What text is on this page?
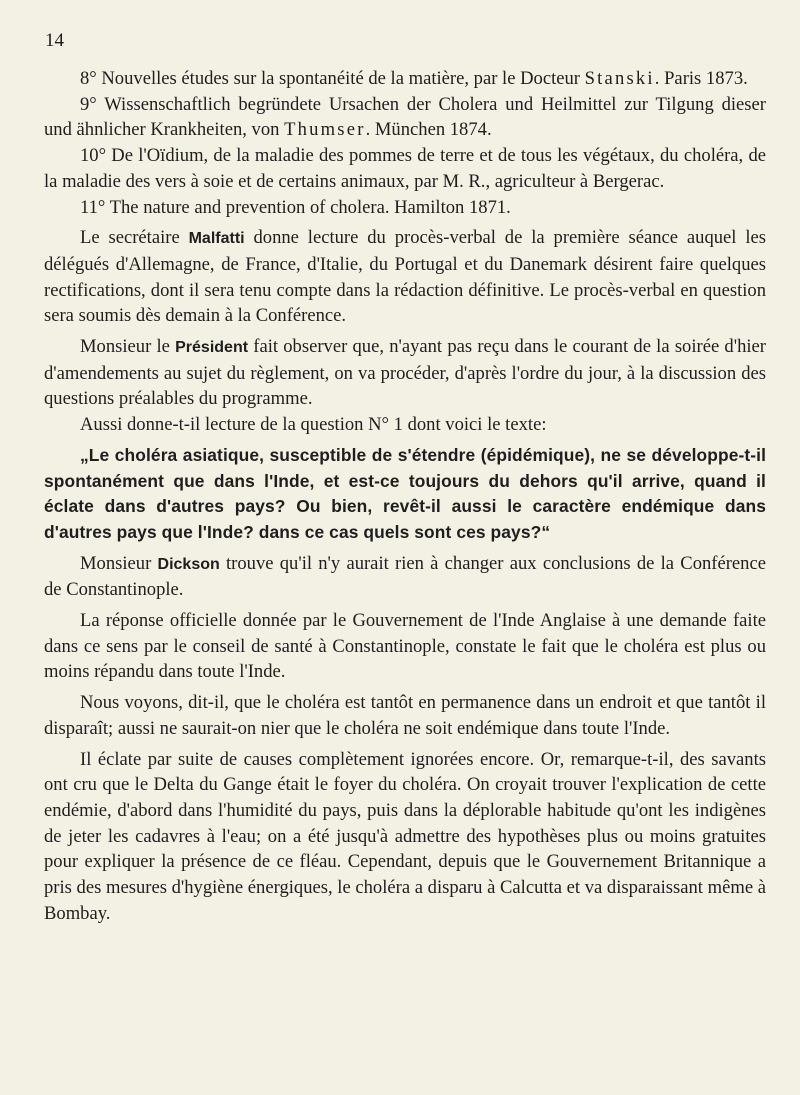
14

8° Nouvelles études sur la spontanéité de la matière, par le Docteur Stanski. Paris 1873.

9° Wissenschaftlich begründete Ursachen der Cholera und Heilmittel zur Tilgung dieser und ähnlicher Krankheiten, von Thumser. München 1874.

10° De l'Oïdium, de la maladie des pommes de terre et de tous les végétaux, du choléra, de la maladie des vers à soie et de certains animaux, par M. R., agriculteur à Bergerac.

11° The nature and prevention of cholera. Hamilton 1871.

Le secrétaire Malfatti donne lecture du procès-verbal de la première séance auquel les délégués d'Allemagne, de France, d'Italie, du Portugal et du Danemark désirent faire quelques rectifications, dont il sera tenu compte dans la rédaction définitive. Le procès-verbal en question sera soumis dès demain à la Conférence.

Monsieur le Président fait observer que, n'ayant pas reçu dans le courant de la soirée d'hier d'amendements au sujet du règlement, on va procéder, d'après l'ordre du jour, à la discussion des questions préalables du programme.

Aussi donne-t-il lecture de la question N° 1 dont voici le texte:

„Le choléra asiatique, susceptible de s'étendre (épidémique), ne se développe-t-il spontanément que dans l'Inde, et est-ce toujours du dehors qu'il arrive, quand il éclate dans d'autres pays? Ou bien, revêt-il aussi le caractère endémique dans d'autres pays que l'Inde? dans ce cas quels sont ces pays?“

Monsieur Dickson trouve qu'il n'y aurait rien à changer aux conclusions de la Conférence de Constantinople.

La réponse officielle donnée par le Gouvernement de l'Inde Anglaise à une demande faite dans ce sens par le conseil de santé à Constantinople, constate le fait que le choléra est plus ou moins répandu dans toute l'Inde.

Nous voyons, dit-il, que le choléra est tantôt en permanence dans un endroit et que tantôt il disparaît; aussi ne saurait-on nier que le choléra ne soit endémique dans toute l'Inde.

Il éclate par suite de causes complètement ignorées encore. Or, remarque-t-il, des savants ont cru que le Delta du Gange était le foyer du choléra. On croyait trouver l'explication de cette endémie, d'abord dans l'humidité du pays, puis dans la déplorable habitude qu'ont les indigènes de jeter les cadavres à l'eau; on a été jusqu'à admettre des hypothèses plus ou moins gratuites pour expliquer la présence de ce fléau. Cependant, depuis que le Gouvernement Britannique a pris des mesures d'hygiène énergiques, le choléra a disparu à Calcutta et va disparaissant même à Bombay.
